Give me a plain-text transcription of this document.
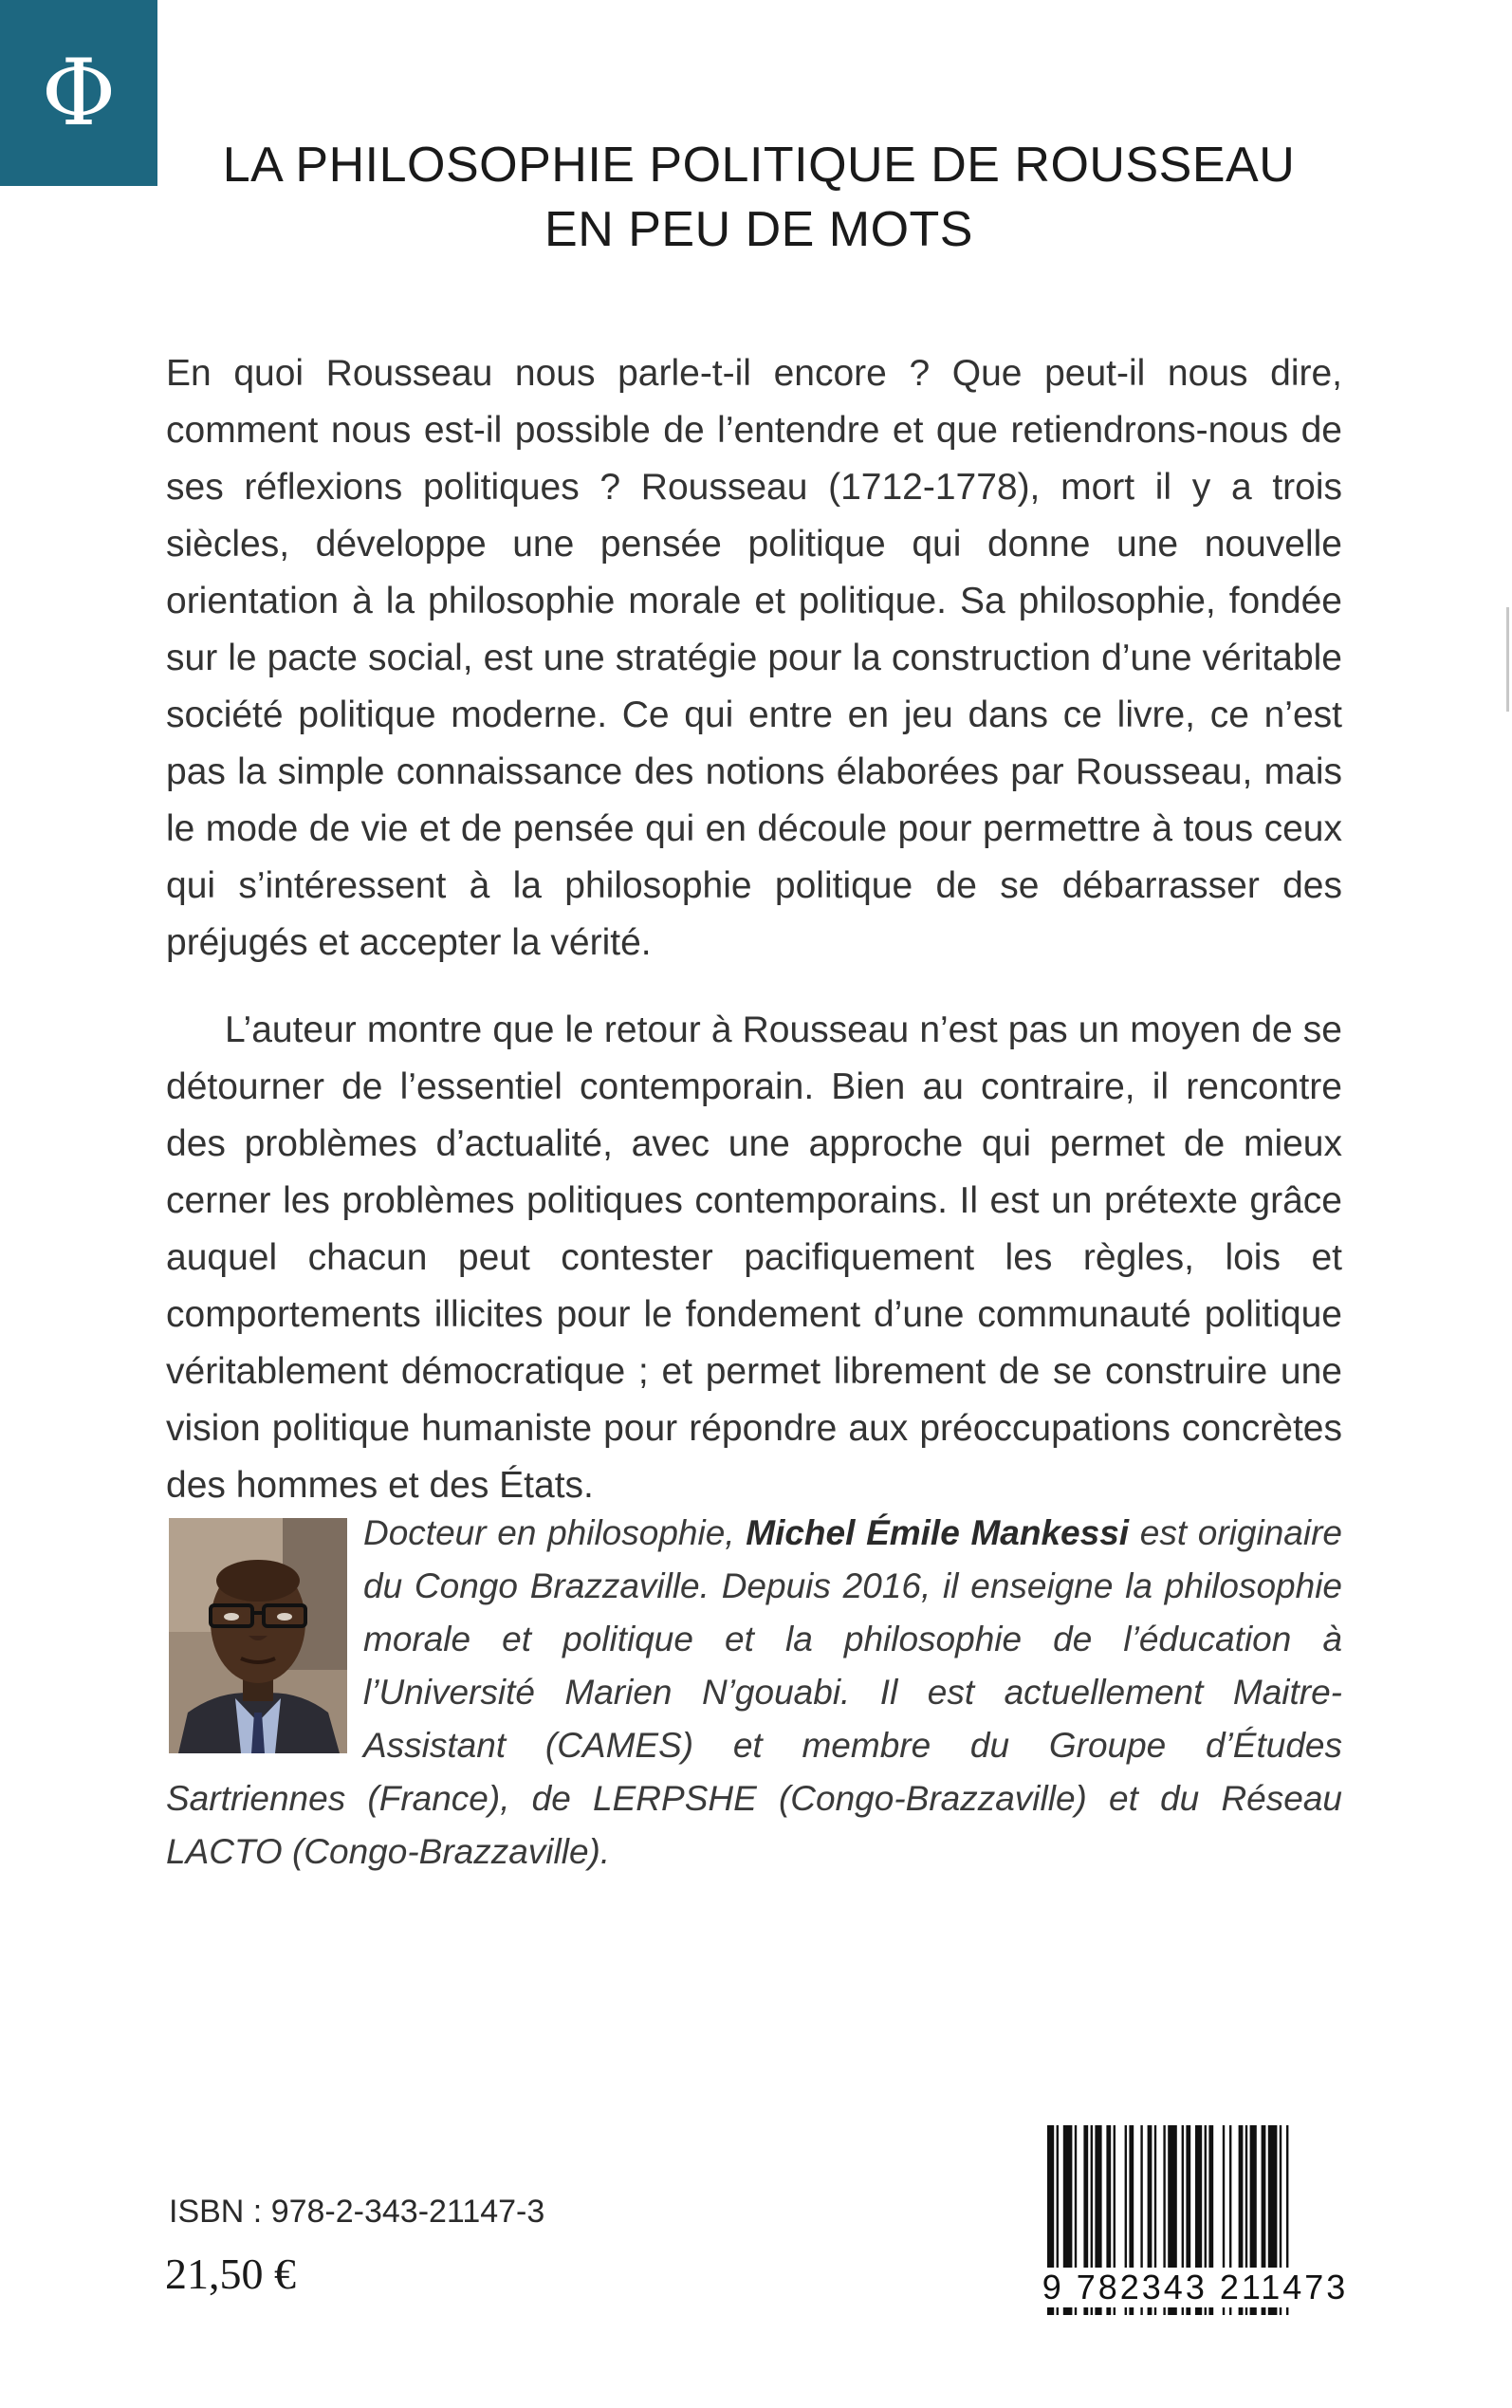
Φ
LA PHILOSOPHIE POLITIQUE DE ROUSSEAU
EN PEU DE MOTS

En quoi Rousseau nous parle-t-il encore ? Que peut-il nous dire, comment nous est-il possible de l’entendre et que retiendrons-nous de ses réflexions politiques ? Rousseau (1712-1778), mort il y a trois siècles, développe une pensée politique qui donne une nouvelle orientation à la philosophie morale et politique. Sa philosophie, fondée sur le pacte social, est une stratégie pour la construction d’une véritable société politique moderne. Ce qui entre en jeu dans ce livre, ce n’est pas la simple connaissance des notions élaborées par Rousseau, mais le mode de vie et de pensée qui en découle pour permettre à tous ceux qui s’intéressent à la philosophie politique de se débarrasser des préjugés et accepter la vérité.

L’auteur montre que le retour à Rousseau n’est pas un moyen de se détourner de l’essentiel contemporain. Bien au contraire, il rencontre des problèmes d’actualité, avec une approche qui permet de mieux cerner les problèmes politiques contemporains. Il est un prétexte grâce auquel chacun peut contester pacifiquement les règles, lois et comportements illicites pour le fondement d’une communauté politique véritablement démocratique ; et permet librement de se construire une vision politique humaniste pour répondre aux préoccupations concrètes des hommes et des États.

Docteur en philosophie, Michel Émile Mankessi est originaire du Congo Brazzaville. Depuis 2016, il enseigne la philosophie morale et politique et la philosophie de l’éducation à l’Université Marien N’gouabi. Il est actuellement Maitre-Assistant (CAMES) et membre du Groupe d’Études Sartriennes (France), de LERPSHE (Congo-Brazzaville) et du Réseau LACTO (Congo-Brazzaville).

ISBN : 978-2-343-21147-3

21,50 €	9 782343 211473
